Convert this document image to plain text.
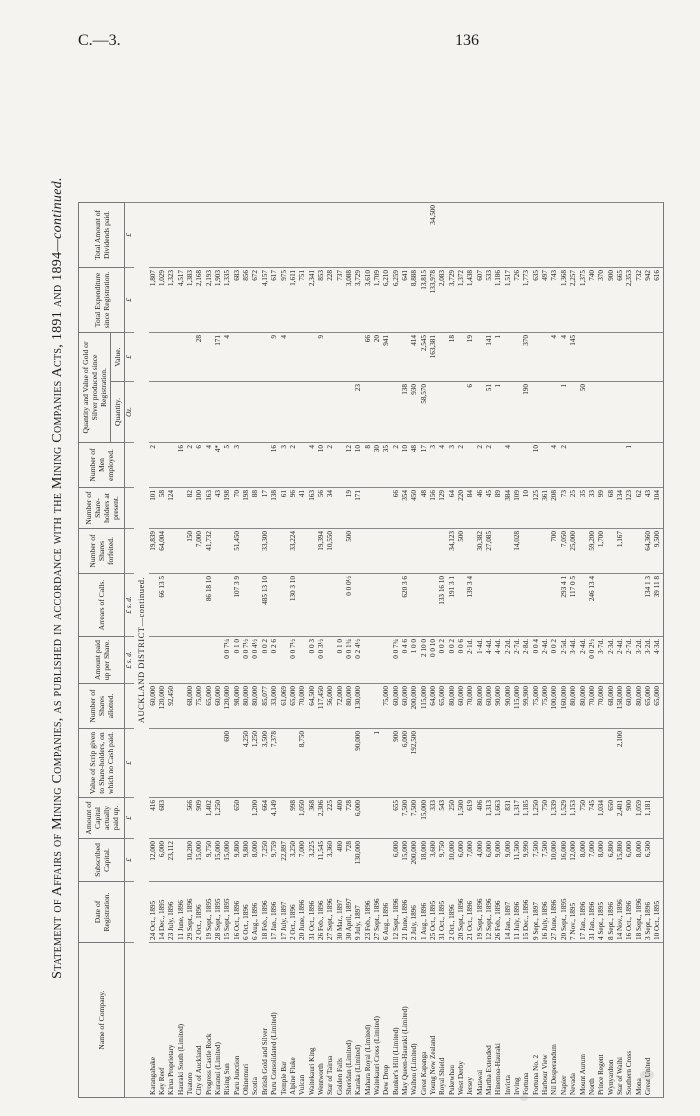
C.—3.	136
Statement of Affairs of Mining Companies, as published in accordance with the Mining Companies Acts, 1891 and 1894—continued.
Name of Company.	Date of Registration.	Subscribed Capital.	Amount of Capital actually paid up.	Value of Scrip given to Share-holders, on which no Cash paid.	Number of Shares allotted.	Amount paid up per Share.	Arrears of Calls.	Number of Shares forfeited.	Number of Share-holders at present.	Number of Men employed.	Quantity and Value of Gold or Silver produced since Registration.		Total Expenditure since Registration.	Total Amount of Dividends paid.
											Quantity.	Value.		
		£	£	£		£ s. d.	£ s. d.				Oz.	£	£	£
AUCKLAND DISTRICT—continued.														
Karangahake	24 Oct., 1895	12,000	416		60,000			19,839	101	2			1,807	
Key Reef	14 Dec., 1895	6,000	683		120,000		66 13 5	64,004	58				1,029	
Kirua Proprietary	23 July, 1896	23,112			92,450				124				1,323	
Hauraki South (Limited)	11 June, 1896									16			4,517	
Tuatoro	29 Sept., 1896	10,200	566		68,000			150	82	2			1,383	
City of Auckland	2 Oct., 1896	15,000	909		75,000			7,000	100	6		28	2,168	
Progress Castle Rock	19 Sept., 1895	9,750	1,402		65,000		86 18 10	41,732	163	4			2,193	
Kuranui (Limited)	28 Sept., 1895	15,000	1,250		60,000				43	4*		171	1,903	
Rising Sun	15 Sept., 1895	15,000		600	120,000	0 0 7¼			198	5		4	1,335	
Paru Junction	16 Oct., 1896	9,800	650		98,000	0 1 0	107 3 9	51,450	70	3			683	
Ohinemuri	6 Oct., 1896	9,800		4,250	80,000	0 0 7½			198				856	
Scotia	6 Aug., 1896	8,000	1,200	1,250	80,000	0 0 4½			88				672	
British Gold and Silver	18 Feb., 1896	7,250	664	3,500	85,077	0 0 2	485 13 10	33,300	17				4,157	
Puru Consolidated (Limited)	17 Jan., 1896	9,759	4,149	7,378	33,000	0 2 6			138	16		9	617	
Temple Bar	17 July, 1897	22,897			61,069				61	3		4	975	
Alpine Fluke	2 Oct., 1896	3,250	998		65,000	0 0 7½	130 3 10	33,224	96	2			1,611	
Vulcan	20 June, 1896	7,000	1,050	8,750	70,000				41				751	
Waitekauri King	31 Oct., 1896	3,225	368		64,500	0 0 3			163	4			2,341	
Wentworth	26 Feb., 1896	11,545	2,306		117,450	0 0 3½		19,394	56	10		9	853	
Star of Tairua	27 Sept., 1896	3,360	225		56,000			10,550	34	2			228	
Golden Falls	30 Mar., 1897	400	400		72,000	0 1 0							737	
Sheridan (Limited)	30 April, 1897	728	728		80,000	0 0 1¾	0 0 0½	500	19	12			3,088	
Karaka (Limited)	9 July, 1897	130,000	6,000	90,000	130,000	0 2 4½			171	10	23		3,729	
Mahara Royal (Limited)	23 Feb., 1896									8		66	3,610	
Waitekauri Cross (Limited)	27 Sept., 1896			1						30		20	1,709	
Dew Drop	6 Aug., 1896				75,000					35		941	6,210	
Bunker's Hill (Limited)	12 Sept., 1896	6,000	655	900	60,000	0 0 7¾			66	2			6,259	
May Queen-Hauraki (Limited)	21 June, 1896	15,000	7,500	6,000	60,000	0 4 6	620 3 6		354	10	138		641	
Waihou (Limited)	2 July, 1896	200,000	7,500	192,500	200,000	1 0 0			450	48	930	414	8,888	
Great Kapanga	1 Aug., 1896	18,000	15,000		115,000	2 10 0			48	17	58,570	2,545	13,815	
Young New Zealand	25 Oct., 1895	3,600	333		64,000	0 0 10			156	3		163,381	133,978	34,500
Royal Shield	31 Oct., 1895	9,750	543		65,000	0 0 2	133 16 10		129	4			2,083	
Pukewhau	2 Oct., 1896	10,000	250		80,000	0 0 2	191 3 1	34,123	64	3		18	3,729	
West Derby	20 Sept., 1896	6,000	1,500		60,000	0 0 6		500	220	2			1,372	
Jersey	21 Oct., 1896	7,000	619		70,000	2·1d.	139 3 4		84		6	19	1,438	
Matawai	19 Sept., 1896	4,000	406		80,000	1·4d.		30,382	46	2			607	
Martha Extended	12 Sept., 1896	6,000	1,313		60,000	4·4d.		27,085	45	2	51	141	533	
Hinemoa-Hauraki	26 Feb., 1896	9,000	1,663		90,000	4·4d.			89		1	1	1,186	
Invicta	14 Jan., 1897	9,000	831		90,000	2·2d.			384	4			1,517	
Irving	11 July, 1896	11,500	1,317		115,000	2·7d.		14,028	109				726	
Fortuna	15 Dec., 1896	9,990	1,185		99,900	2·8d.			10		190	370	1,773	
Fortuna No. 2	9 Sept., 1897	7,500	1,250		75,000	0 0 4			125	10			635	
Harbour View	16 July, 1896	7,500	750		75,000	2·4d.			361				497	
Nil Desperandum	27 June, 1896	10,000	1,339		100,000	0 0 2		700	208	4		4	743	
Napier	20 Sept., 1895	16,000	1,529		160,000	2·5d.	293 4 1	7,050	73	2	1	4	1,368	
Nevada	7 Nov., 1895	12,000	1,153		80,000	3·4d.	117 0 5	25,000	25			145	2,257	
Mount Aurum	17 Jan., 1896	8,000	750		80,000	2·4d.			35		50		1,375	
North	31 Jan., 1896	7,000	745		70,000	0 0 2½	246 13 4	59,200	33				740	
Prince Regent	4 Sept., 1895	8,000	1,034		70,000	3·7d.		1,700	99				370	
Wynyardton	8 Sept., 1896	6,800	650		68,000	2·3d.			68				900	
Star of Waihi	14 Nov., 1896	15,800	2,401	2,100	158,000	2·4d.		1,167	134				665	
Southern Cross	16 Oct., 1896	6,000	900		60,000	2·7d.			123	1			2,353	
Mona	18 Sept., 1896	8,000	1,059		80,000	3·2d.			62				732	
Great United	3 Sept., 1896	6,500	1,181		65,000	3·2d.	134 1 3	64,360	43				942	
	10 Oct., 1895				65,000	4·3d.	39 11 8	9,500	104				616	
